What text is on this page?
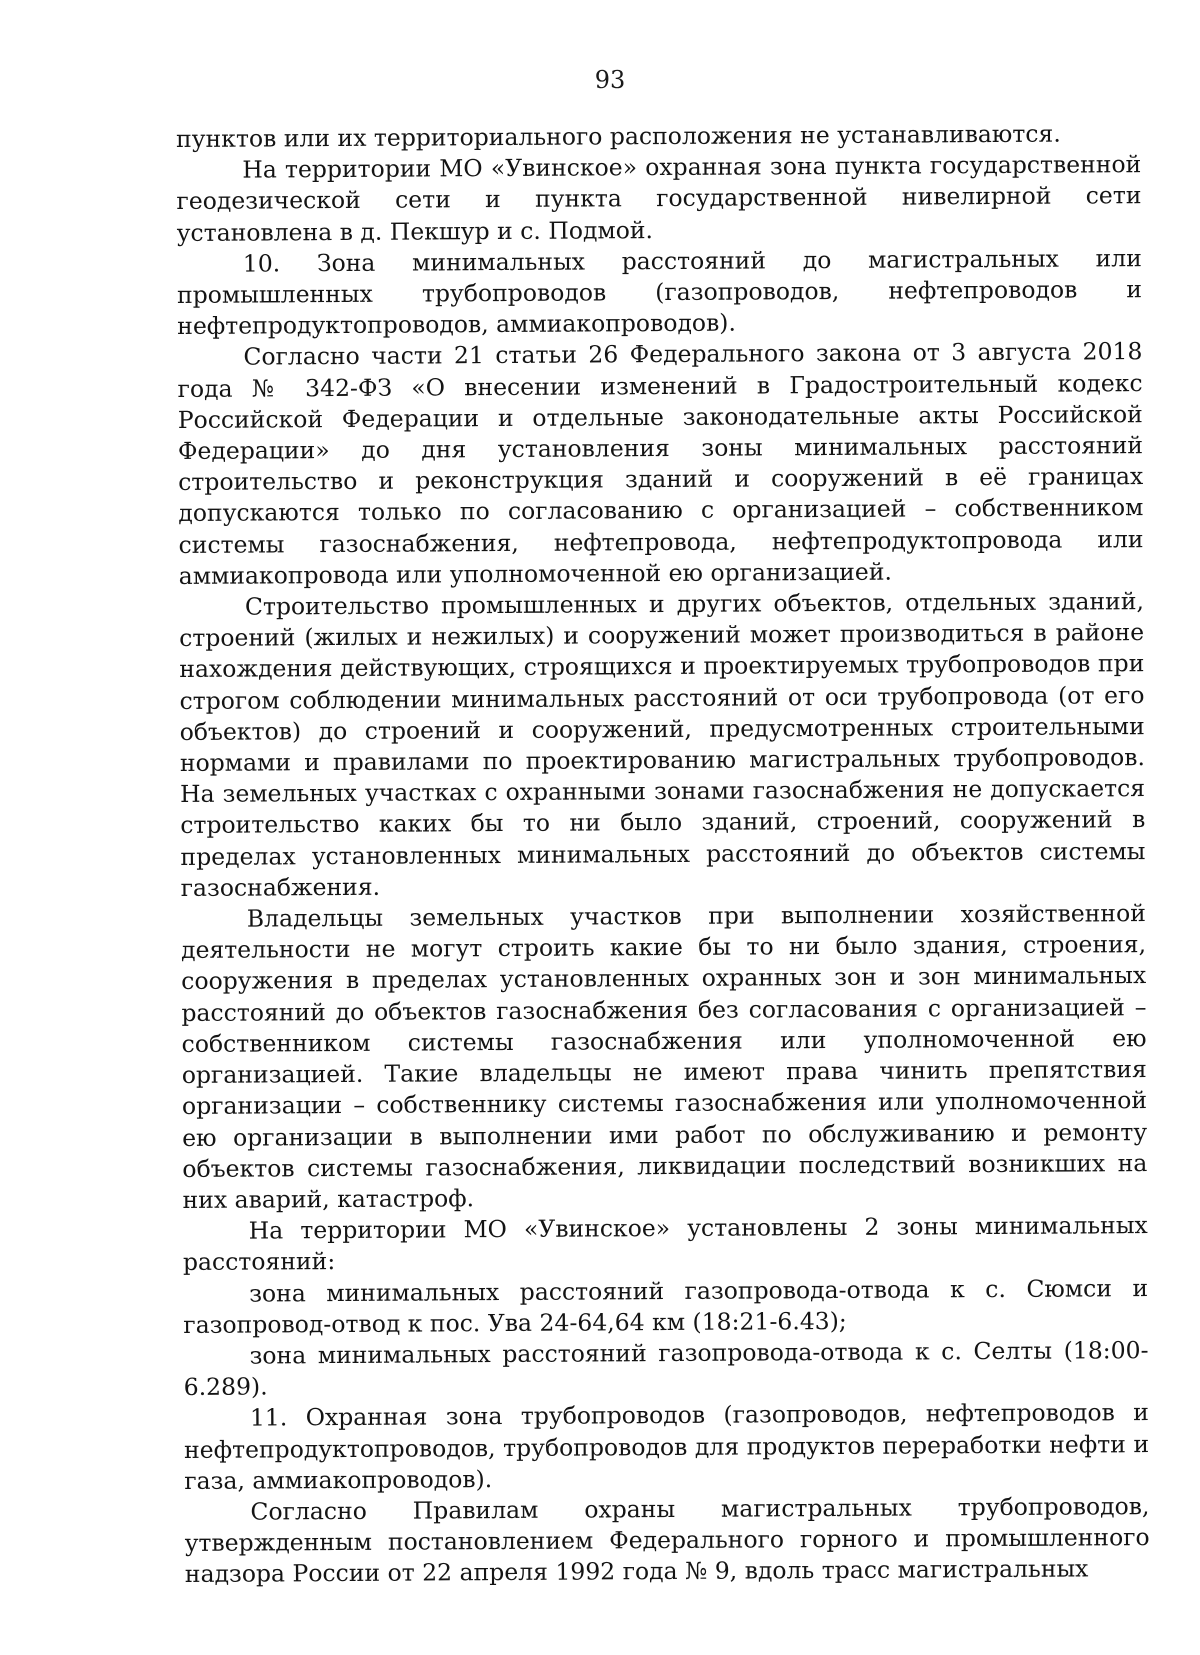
93

пунктов или их территориального расположения не устанавливаются.

На территории МО «Увинское» охранная зона пункта государственной геодезической сети и пункта государственной нивелирной сети установлена в д. Пекшур и с. Подмой.

10. Зона минимальных расстояний до магистральных или промышленных трубопроводов (газопроводов, нефтепроводов и нефтепродуктопроводов, аммиакопроводов).

Согласно части 21 статьи 26 Федерального закона от 3 августа 2018 года № 342-ФЗ «О внесении изменений в Градостроительный кодекс Российской Федерации и отдельные законодательные акты Российской Федерации» до дня установления зоны минимальных расстояний строительство и реконструкция зданий и сооружений в её границах допускаются только по согласованию с организацией – собственником системы газоснабжения, нефтепровода, нефтепродуктопровода или аммиакопровода или уполномоченной ею организацией.

Строительство промышленных и других объектов, отдельных зданий, строений (жилых и нежилых) и сооружений может производиться в районе нахождения действующих, строящихся и проектируемых трубопроводов при строгом соблюдении минимальных расстояний от оси трубопровода (от его объектов) до строений и сооружений, предусмотренных строительными нормами и правилами по проектированию магистральных трубопроводов. На земельных участках с охранными зонами газоснабжения не допускается строительство каких бы то ни было зданий, строений, сооружений в пределах установленных минимальных расстояний до объектов системы газоснабжения.

Владельцы земельных участков при выполнении хозяйственной деятельности не могут строить какие бы то ни было здания, строения, сооружения в пределах установленных охранных зон и зон минимальных расстояний до объектов газоснабжения без согласования с организацией – собственником системы газоснабжения или уполномоченной ею организацией. Такие владельцы не имеют права чинить препятствия организации – собственнику системы газоснабжения или уполномоченной ею организации в выполнении ими работ по обслуживанию и ремонту объектов системы газоснабжения, ликвидации последствий возникших на них аварий, катастроф.

На территории МО «Увинское» установлены 2 зоны минимальных расстояний:

зона минимальных расстояний газопровода-отвода к с. Сюмси и газопровод-отвод к пос. Ува 24-64,64 км (18:21-6.43);

зона минимальных расстояний газопровода-отвода к с. Селты (18:00-6.289).

11. Охранная зона трубопроводов (газопроводов, нефтепроводов и нефтепродуктопроводов, трубопроводов для продуктов переработки нефти и газа, аммиакопроводов).

Согласно Правилам охраны магистральных трубопроводов, утвержденным постановлением Федерального горного и промышленного надзора России от 22 апреля 1992 года № 9, вдоль трасс магистральных
